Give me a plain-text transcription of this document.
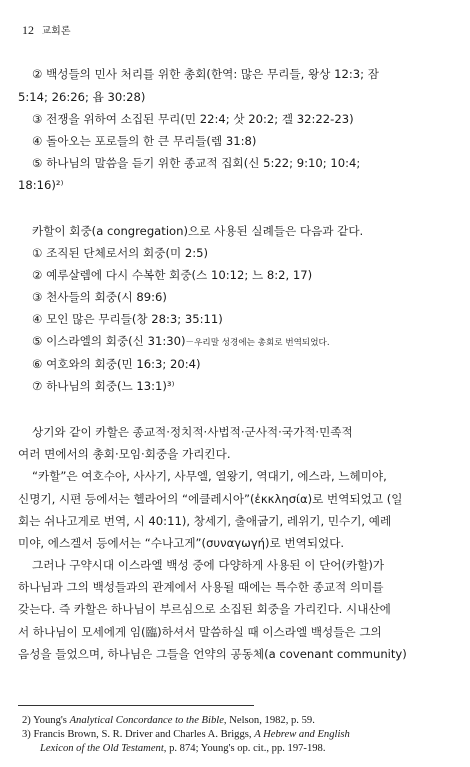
12 교회론
② 백성들의 민사 처리를 위한 총회(한역: 많은 무리들, 왕상 12:3; 잠
5:14; 26:26; 욥 30:28)
③ 전쟁을 위하여 소집된 무리(민 22:4; 삿 20:2; 겔 32:22-23)
④ 돌아오는 포로들의 한 큰 무리들(렘 31:8)
⑤ 하나님의 말씀을 듣기 위한 종교적 집회(신 5:22; 9:10; 10:4;
18:16)²⁾
카할이 회중(a congregation)으로 사용된 실례들은 다음과 같다.
① 조직된 단체로서의 회중(미 2:5)
② 예루살렘에 다시 수복한 회중(스 10:12; 느 8:2, 17)
③ 천사들의 회중(시 89:6)
④ 모인 많은 무리들(창 28:3; 35:11)
⑤ 이스라엘의 회중(신 31:30)－우리말 성경에는 총회로 번역되었다.
⑥ 여호와의 회중(민 16:3; 20:4)
⑦ 하나님의 회중(느 13:1)³⁾
상기와 같이 카할은 종교적·정치적·사법적·군사적·국가적·민족적
여러 면에서의 총회·모임·회중을 가리킨다.
“카할”은 여호수아, 사사기, 사무엘, 열왕기, 역대기, 에스라, 느헤미야,
신명기, 시편 등에서는 헬라어의 “에클레시아”(ἐκκλησία)로 번역되었고 (일
회는 쉬나고게로 번역, 시 40:11), 창세기, 출애굽기, 레위기, 민수기, 예레
미야, 에스겔서 등에서는 “수나고게”(συναγωγή)로 번역되었다.
그러나 구약시대 이스라엘 백성 중에 다양하게 사용된 이 단어(카할)가
하나님과 그의 백성들과의 관계에서 사용될 때에는 특수한 종교적 의미를
갖는다. 즉 카할은 하나님이 부르심으로 소집된 회중을 가리킨다. 시내산에
서 하나님이 모세에게 임(臨)하셔서 말씀하실 때 이스라엘 백성들은 그의
음성을 들었으며, 하나님은 그들을 언약의 공동체(a covenant community)
2) Young's Analytical Concordance to the Bible, Nelson, 1982, p. 59.
3) Francis Brown, S. R. Driver and Charles A. Briggs, A Hebrew and English
Lexicon of the Old Testament, p. 874; Young's op. cit., pp. 197-198.
